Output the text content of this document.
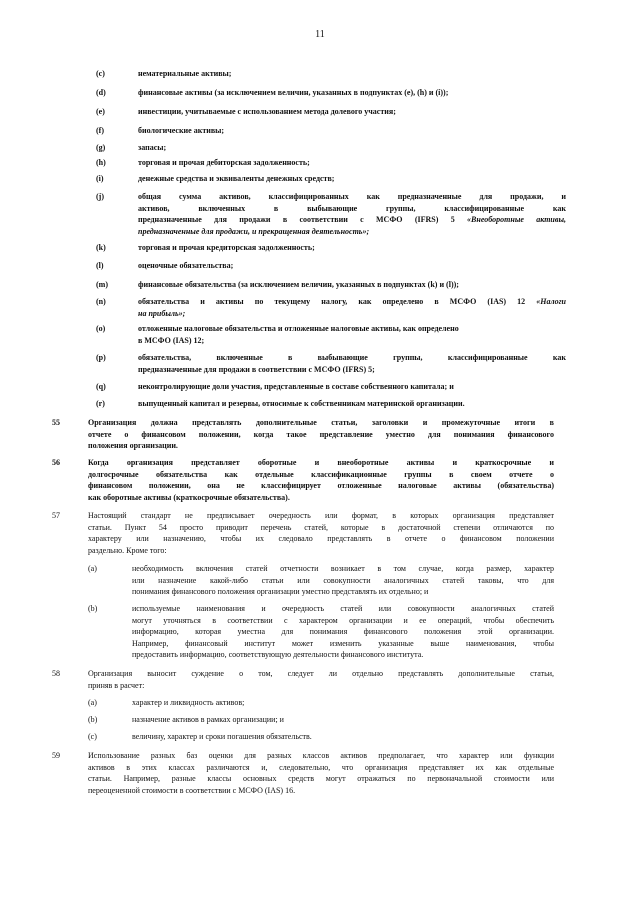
11
(c)	нематериальные активы;
(d)	финансовые активы (за исключением величин, указанных в подпунктах (е), (h) и (i));
(е)	инвестиции, учитываемые с использованием метода долевого участия;
(f)	биологические активы;
(g)	запасы;
(h)	торговая и прочая дебиторская задолженность;
(i)	денежные средства и эквиваленты денежных средств;
(j)	общая сумма активов, классифицированных как предназначенные для продажи, и
активов, включенных в выбывающие группы, классифицированные как
предназначенные для продажи в соответствии с МСФО (IFRS) 5 «Внеоборотные активы,
предназначенные для продажи, и прекращенная деятельность»;
(k)	торговая и прочая кредиторская задолженность;
(l)	оценочные обязательства;
(m)	финансовые обязательства (за исключением величин, указанных в подпунктах (k) и (l));
(n)	обязательства и активы по текущему налогу, как определено в МСФО (IAS) 12 «Налоги
на прибыль»;
(о)	отложенные налоговые обязательства и отложенные налоговые активы, как определено
в МСФО (IAS) 12;
(р)	обязательства, включенные в выбывающие группы, классифицированные как
предназначенные для продажи в соответствии с МСФО (IFRS) 5;
(q)	неконтролирующие доли участия, представленные в составе собственного капитала; и
(r)	выпущенный капитал и резервы, относимые к собственникам материнской организации.
55	Организация должна представлять дополнительные статьи, заголовки и промежуточные итоги в
отчете о финансовом положении, когда такое представление уместно для понимания финансового
положения организации.
56	Когда организация представляет оборотные и внеоборотные активы и краткосрочные и
долгосрочные обязательства как отдельные классификационные группы в своем отчете о
финансовом положении, она не классифицирует отложенные налоговые активы (обязательства)
как оборотные активы (краткосрочные обязательства).
57	Настоящий стандарт не предписывает очередность или формат, в которых организация представляет
статьи. Пункт 54 просто приводит перечень статей, которые в достаточной степени отличаются по
характеру или назначению, чтобы их следовало представлять в отчете о финансовом положении
раздельно. Кроме того:
(a)	необходимость включения статей отчетности возникает в том случае, когда размер, характер
или назначение какой-либо статьи или совокупности аналогичных статей таковы, что для
понимания финансового положения организации уместно представлять их отдельно; и
(b)	используемые наименования и очередность статей или совокупности аналогичных статей
могут уточняться в соответствии с характером организации и ее операций, чтобы обеспечить
информацию, которая уместна для понимания финансового положения этой организации.
Например, финансовый институт может изменить указанные выше наименования, чтобы
предоставить информацию, соответствующую деятельности финансового института.
58	Организация выносит суждение о том, следует ли отдельно представлять дополнительные статьи,
приняв в расчет:
(a)	характер и ликвидность активов;
(b)	назначение активов в рамках организации; и
(c)	величину, характер и сроки погашения обязательств.
59	Использование разных баз оценки для разных классов активов предполагает, что характер или функции
активов в этих классах различаются и, следовательно, что организация представляет их как отдельные
статьи. Например, разные классы основных средств могут отражаться по первоначальной стоимости или
переоцененной стоимости в соответствии с МСФО (IAS) 16.
